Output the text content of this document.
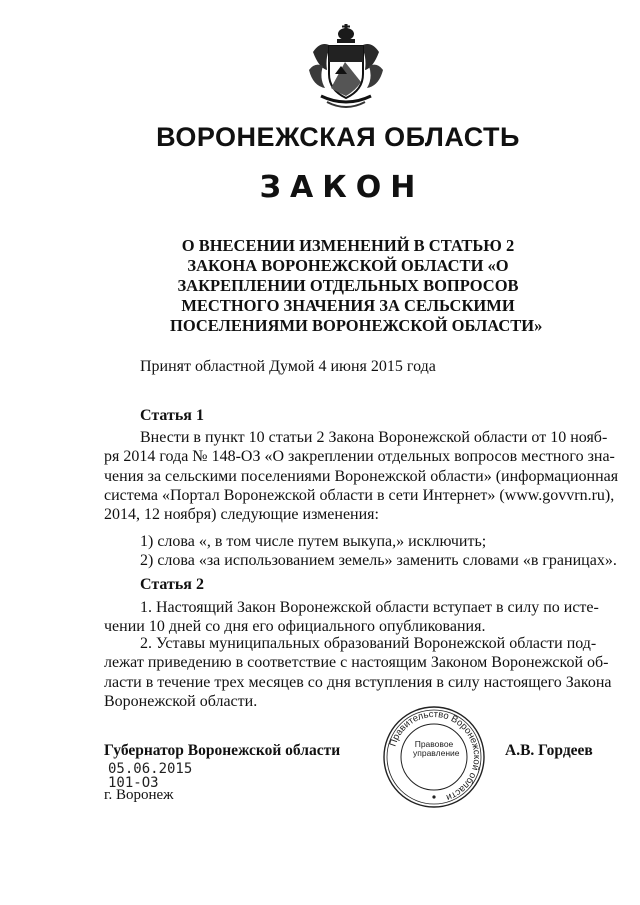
ВОРОНЕЖСКАЯ ОБЛАСТЬ
ЗАКОН
О ВНЕСЕНИИ ИЗМЕНЕНИЙ В СТАТЬЮ 2
ЗАКОНА ВОРОНЕЖСКОЙ ОБЛАСТИ «О
ЗАКРЕПЛЕНИИ ОТДЕЛЬНЫХ ВОПРОСОВ
МЕСТНОГО ЗНАЧЕНИЯ ЗА СЕЛЬСКИМИ
ПОСЕЛЕНИЯМИ ВОРОНЕЖСКОЙ ОБЛАСТИ»
Принят областной Думой 4 июня 2015 года
Статья 1
Внести в пункт 10 статьи 2 Закона Воронежской области от 10 нояб-
ря 2014 года № 148-ОЗ «О закреплении отдельных вопросов местного зна-
чения за сельскими поселениями Воронежской области» (информационная
система «Портал Воронежской области в сети Интернет» (www.govvrn.ru),
2014, 12 ноября) следующие изменения:
1) слова «, в том числе путем выкупа,» исключить;
2) слова «за использованием земель» заменить словами «в границах».
Статья 2
1. Настоящий Закон Воронежской области вступает в силу по исте-
чении 10 дней со дня его официального опубликования.
2. Уставы муниципальных образований Воронежской области под-
лежат приведению в соответствие с настоящим Законом Воронежской об-
ласти в течение трех месяцев со дня вступления в силу настоящего Закона
Воронежской области.
Губернатор Воронежской области	А.В. Гордеев
05.06.2015
101-ОЗ
г. Воронеж
Правительство Воронежской области
Правовое
управление
